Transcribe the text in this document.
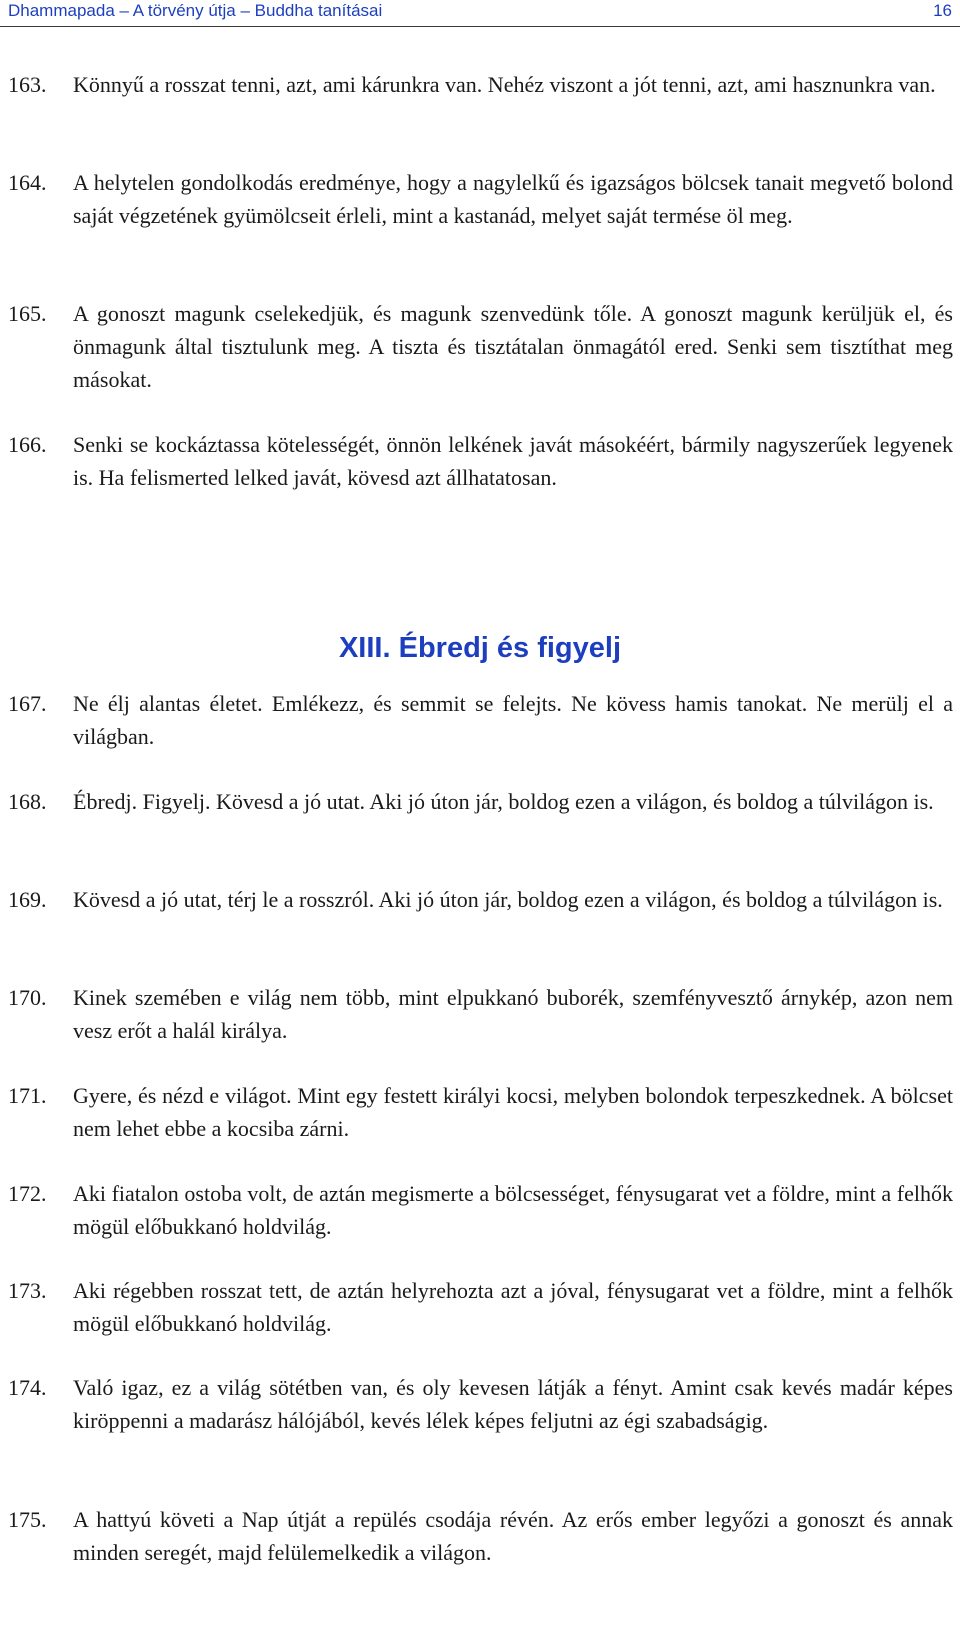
Dhammapada – A törvény útja – Buddha tanításai	16
163.	Könnyű a rosszat tenni, azt, ami kárunkra van. Nehéz viszont a jót tenni, azt, ami hasznunkra van.
164.	A helytelen gondolkodás eredménye, hogy a nagylelkű és igazságos bölcsek tanait megvető bolond saját végzetének gyümölcseit érleli, mint a kastanád, melyet saját termése öl meg.
165.	A gonoszt magunk cselekedjük, és magunk szenvedünk tőle. A gonoszt magunk kerüljük el, és önmagunk által tisztulunk meg. A tiszta és tisztátalan önmagától ered. Senki sem tisztíthat meg másokat.
166.	Senki se kockáztassa kötelességét, önnön lelkének javát másokéért, bármily nagyszerűek legyenek is. Ha felismerted lelked javát, kövesd azt állhatatosan.
XIII. Ébredj és figyelj
167.	Ne élj alantas életet. Emlékezz, és semmit se felejts. Ne kövess hamis tanokat. Ne merülj el a világban.
168.	Ébredj. Figyelj. Kövesd a jó utat. Aki jó úton jár, boldog ezen a világon, és boldog a túlvilágon is.
169.	Kövesd a jó utat, térj le a rosszról. Aki jó úton jár, boldog ezen a világon, és boldog a túlvilágon is.
170.	Kinek szemében e világ nem több, mint elpukkanó buborék, szemfényvesztő árnykép, azon nem vesz erőt a halál királya.
171.	Gyere, és nézd e világot. Mint egy festett királyi kocsi, melyben bolondok terpeszkednek. A bölcset nem lehet ebbe a kocsiba zárni.
172.	Aki fiatalon ostoba volt, de aztán megismerte a bölcsességet, fénysugarat vet a földre, mint a felhők mögül előbukkanó holdvilág.
173.	Aki régebben rosszat tett, de aztán helyrehozta azt a jóval, fénysugarat vet a földre, mint a felhők mögül előbukkanó holdvilág.
174.	Való igaz, ez a világ sötétben van, és oly kevesen látják a fényt. Amint csak kevés madár képes kiröppenni a madarász hálójából, kevés lélek képes feljutni az égi szabadságig.
175.	A hattyú követi a Nap útját a repülés csodája révén. Az erős ember legyőzi a gonoszt és annak minden seregét, majd felülemelkedik a világon.
